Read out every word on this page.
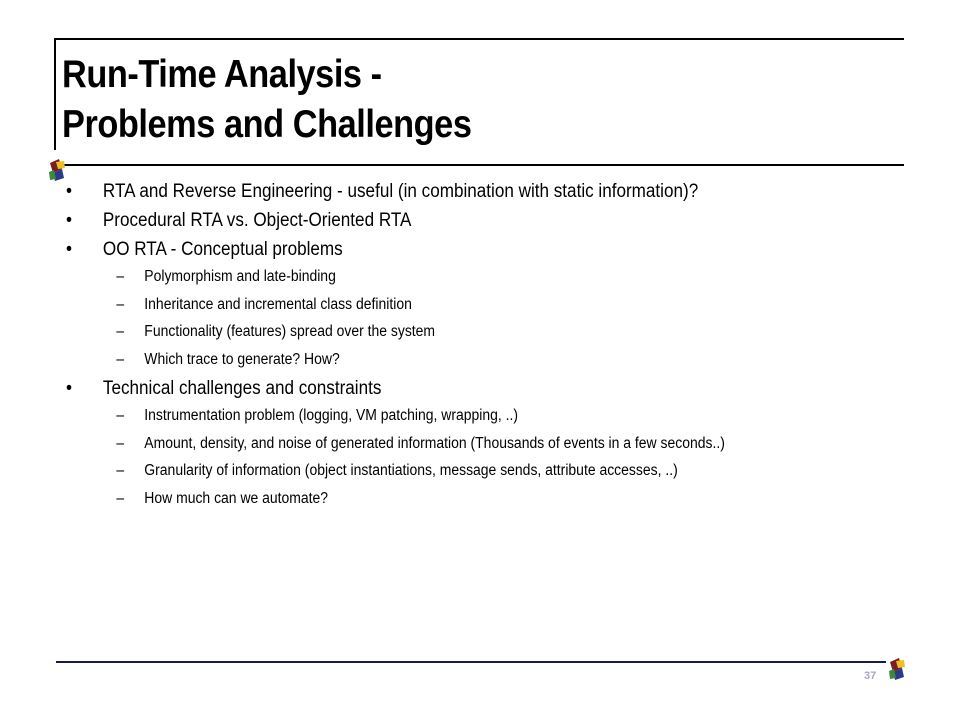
Run-Time Analysis -
Problems and Challenges
•	RTA and Reverse Engineering - useful (in combination with static information)?
•	Procedural RTA vs. Object-Oriented RTA
•	OO RTA - Conceptual problems
– Polymorphism and late-binding
– Inheritance and incremental class definition
– Functionality (features) spread over the system
– Which trace to generate? How?
•	Technical challenges and constraints
– Instrumentation problem (logging, VM patching, wrapping, ..)
– Amount, density, and noise of generated information (Thousands of events in a few seconds..)
– Granularity of information (object instantiations, message sends, attribute accesses, ..)
– How much can we automate?
37
